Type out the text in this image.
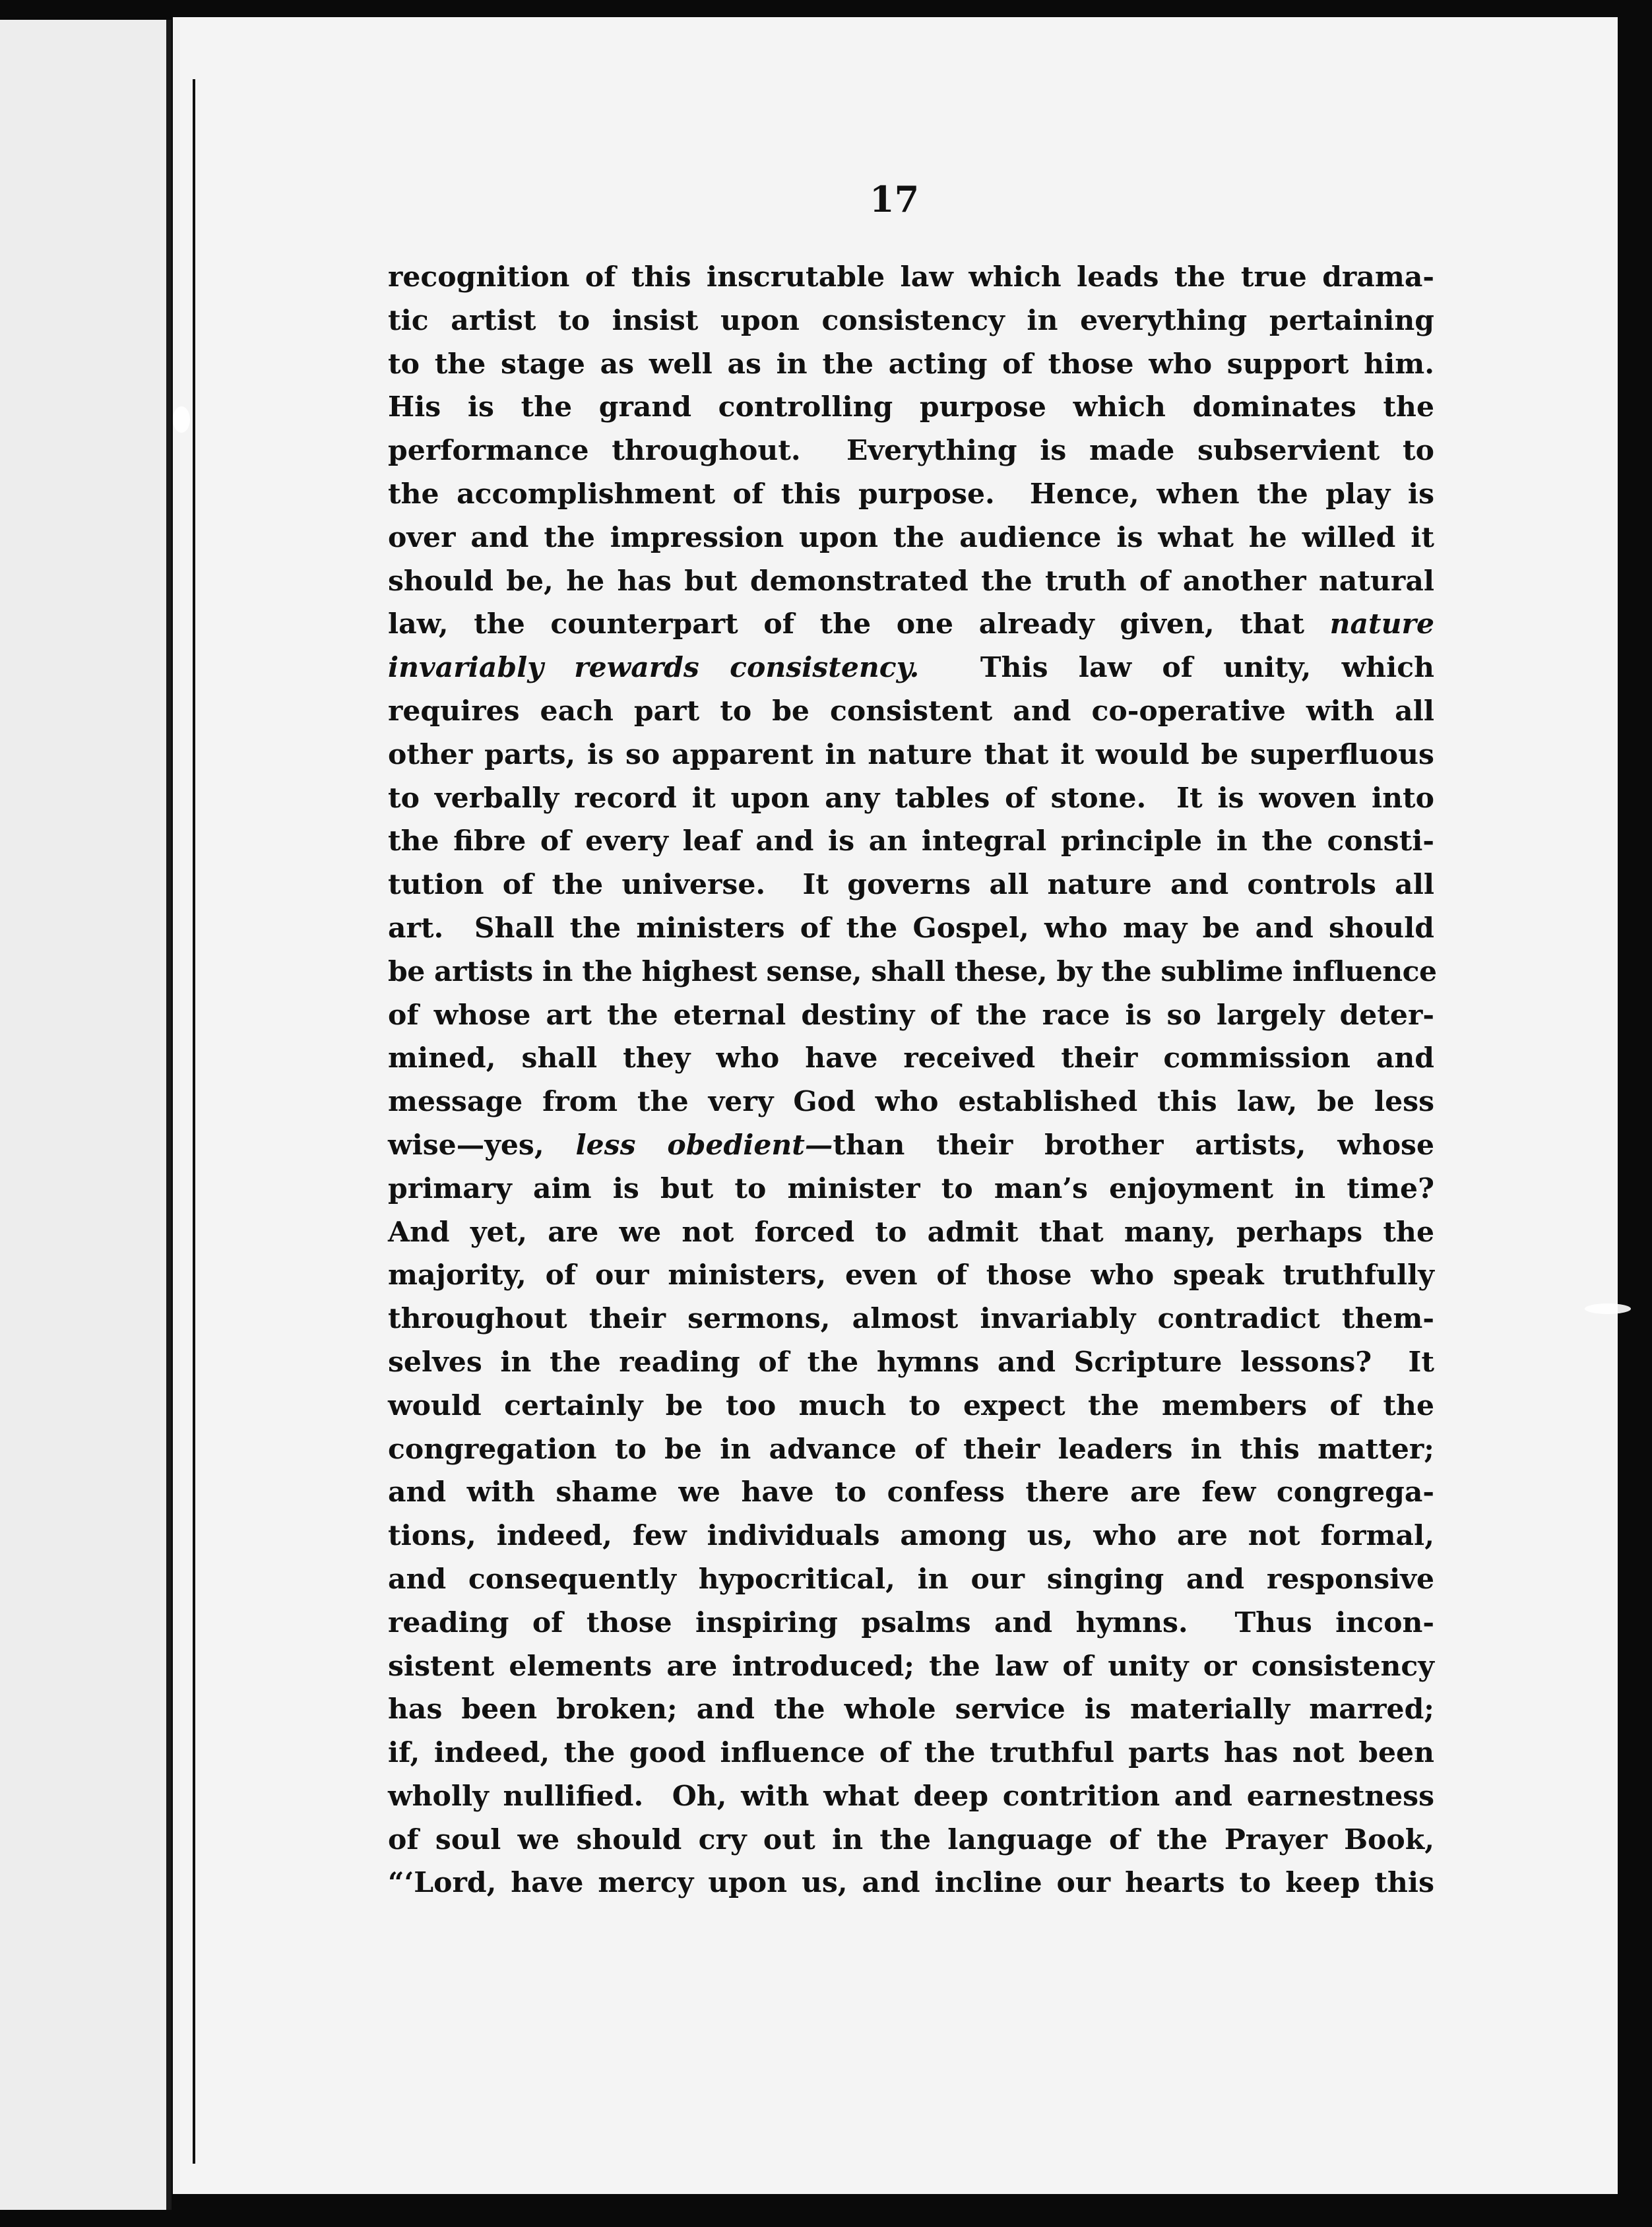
17
recognition of this inscrutable law which leads the true drama-
tic artist to insist upon consistency in everything pertaining
to the stage as well as in the acting of those who support him.
His is the grand controlling purpose which dominates the
performance throughout.  Everything is made subservient to
the accomplishment of this purpose.  Hence, when the play is
over and the impression upon the audience is what he willed it
should be, he has but demonstrated the truth of another natural
law, the counterpart of the one already given, that nature
invariably rewards consistency.  This law of unity, which
requires each part to be consistent and co-operative with all
other parts, is so apparent in nature that it would be superfluous
to verbally record it upon any tables of stone.  It is woven into
the fibre of every leaf and is an integral principle in the consti-
tution of the universe.  It governs all nature and controls all
art.  Shall the ministers of the Gospel, who may be and should
be artists in the highest sense, shall these, by the sublime influence
of whose art the eternal destiny of the race is so largely deter-
mined, shall they who have received their commission and
message from the very God who established this law, be less
wise—yes, less obedient—than their brother artists, whose
primary aim is but to minister to man’s enjoyment in time?
And yet, are we not forced to admit that many, perhaps the
majority, of our ministers, even of those who speak truthfully
throughout their sermons, almost invariably contradict them-
selves in the reading of the hymns and Scripture lessons?  It
would certainly be too much to expect the members of the
congregation to be in advance of their leaders in this matter;
and with shame we have to confess there are few congrega-
tions, indeed, few individuals among us, who are not formal,
and consequently hypocritical, in our singing and responsive
reading of those inspiring psalms and hymns.  Thus incon-
sistent elements are introduced; the law of unity or consistency
has been broken; and the whole service is materially marred;
if, indeed, the good influence of the truthful parts has not been
wholly nullified.  Oh, with what deep contrition and earnestness
of soul we should cry out in the language of the Prayer Book,
“‘Lord, have mercy upon us, and incline our hearts to keep this
